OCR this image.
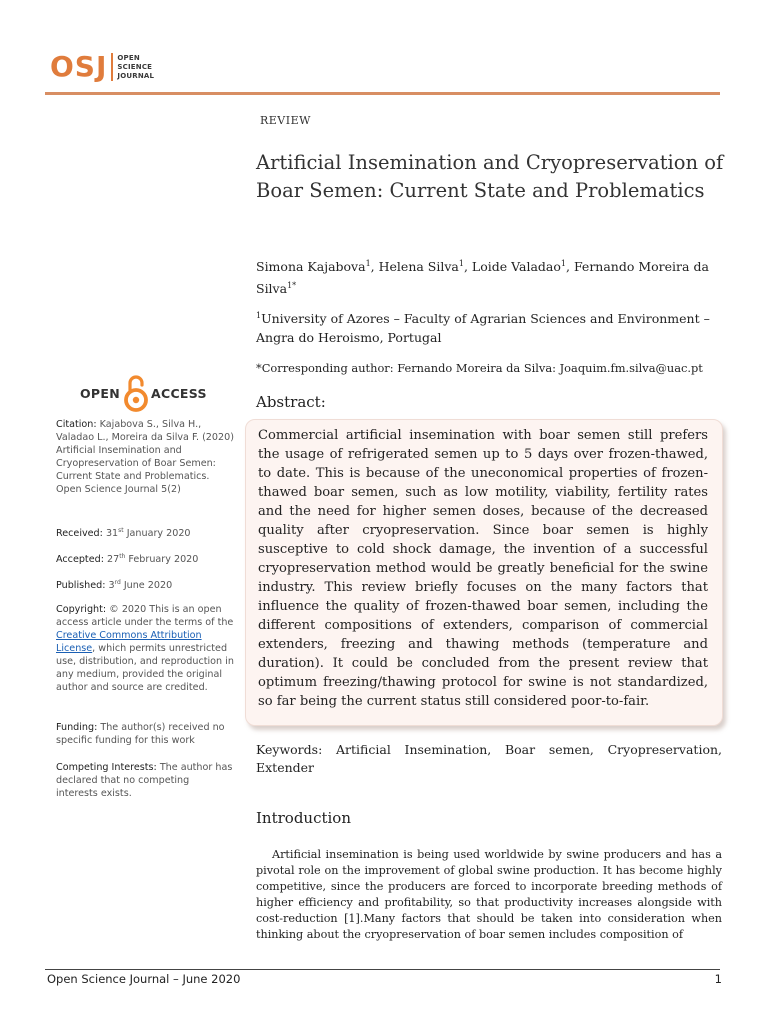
OSJ OPEN
SCIENCE
JOURNAL
REVIEW
Artificial Insemination and Cryopreservation of Boar Semen: Current State and Problematics
Simona Kajabova$^1$, Helena Silva$^1$, Loide Valadao$^1$, Fernando Moreira da Silva$^{1*}$
$^1$University of Azores – Faculty of Agrarian Sciences and Environment – Angra do Heroismo, Portugal
*Corresponding author: Fernando Moreira da Silva: Joaquim.fm.silva@uac.pt
Abstract:
Commercial artificial insemination with boar semen still prefers the usage of refrigerated semen up to 5 days over frozen-thawed, to date. This is because of the uneconomical properties of frozen-thawed boar semen, such as low motility, viability, fertility rates and the need for higher semen doses, because of the decreased quality after cryopreservation. Since boar semen is highly susceptive to cold shock damage, the invention of a successful cryopreservation method would be greatly beneficial for the swine industry. This review briefly focuses on the many factors that influence the quality of frozen-thawed boar semen, including the different compositions of extenders, comparison of commercial extenders, freezing and thawing methods (temperature and duration). It could be concluded from the present review that optimum freezing/thawing protocol for swine is not standardized, so far being the current status still considered poor-to-fair.
Keywords: Artificial Insemination, Boar semen, Cryopreservation, Extender
Introduction
Artificial insemination is being used worldwide by swine producers and has a pivotal role on the improvement of global swine production. It has become highly competitive, since the producers are forced to incorporate breeding methods of higher efficiency and profitability, so that productivity increases alongside with cost-reduction [1].Many factors that should be taken into consideration when thinking about the cryopreservation of boar semen includes composition of
OPEN ACCESS
Citation: Kajabova S., Silva H., Valadao L., Moreira da Silva F. (2020) Artificial Insemination and Cryopreservation of Boar Semen: Current State and Problematics. Open Science Journal 5(2)
Received: 31st January 2020
Accepted: 27th February 2020
Published: 3rd June 2020
Copyright: © 2020 This is an open access article under the terms of the Creative Commons Attribution License, which permits unrestricted use, distribution, and reproduction in any medium, provided the original author and source are credited.
Funding: The author(s) received no specific funding for this work
Competing Interests: The author has declared that no competing interests exists.
Open Science Journal – June 2020	1
